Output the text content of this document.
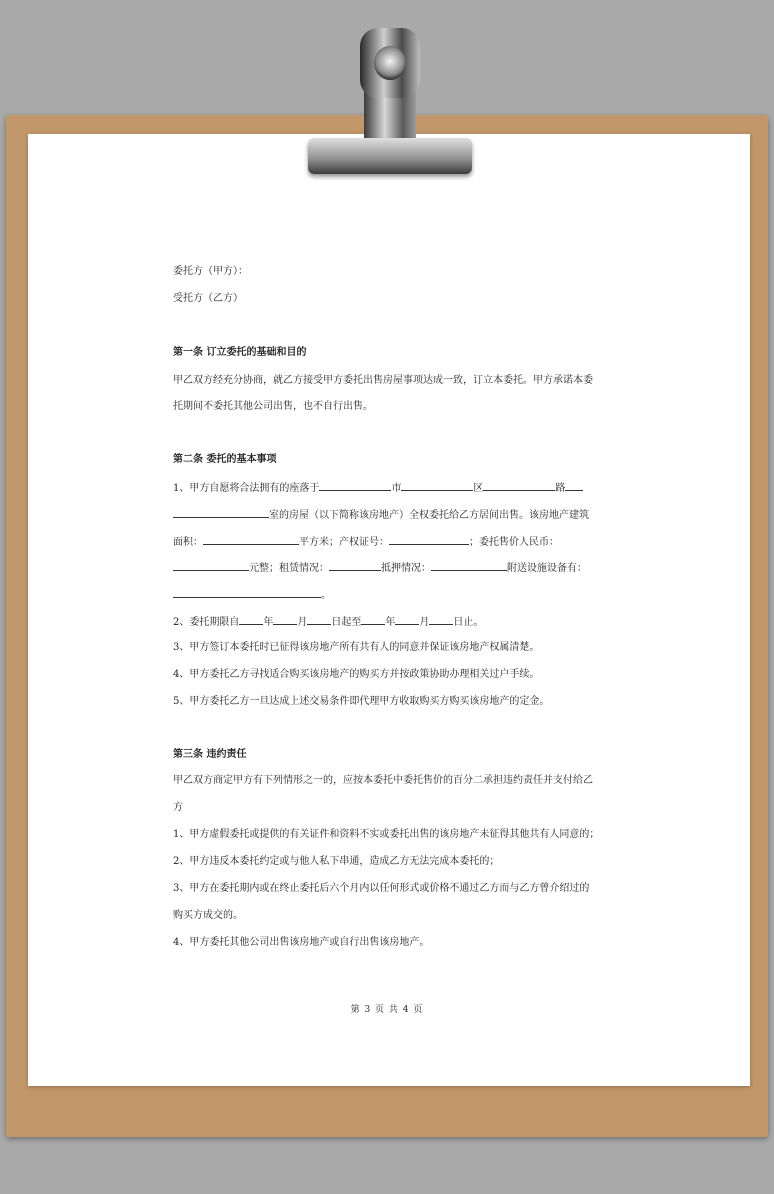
委托方（甲方）：
受托方（乙方）
第一条 订立委托的基础和目的
甲乙双方经充分协商，就乙方接受甲方委托出售房屋事项达成一致，订立本委托。甲方承诺本委
托期间不委托其他公司出售，也不自行出售。
第二条 委托的基本事项
1、甲方自愿将合法拥有的座落于	市	区	路
室的房屋（以下简称该房地产）全权委托给乙方居间出售。该房地产建筑
面积：	平方米；产权证号：	；委托售价人民币：
元整；租赁情况：	抵押情况：	附送设施设备有：
。
2、委托期限自 年 月 日起至 年 月 日止。
3、甲方签订本委托时已征得该房地产所有共有人的同意并保证该房地产权属清楚。
4、甲方委托乙方寻找适合购买该房地产的购买方并按政策协助办理相关过户手续。
5、甲方委托乙方一旦达成上述交易条件即代理甲方收取购买方购买该房地产的定金。
第三条 违约责任
甲乙双方商定甲方有下列情形之一的，应按本委托中委托售价的百分二承担违约责任并支付给乙
方
1、甲方虚假委托或提供的有关证件和资料不实或委托出售的该房地产未征得其他共有人同意的；
2、甲方违反本委托约定或与他人私下串通，造成乙方无法完成本委托的；
3、甲方在委托期内或在终止委托后六个月内以任何形式或价格不通过乙方而与乙方曾介绍过的
购买方成交的。
4、甲方委托其他公司出售该房地产或自行出售该房地产。
第 3 页 共 4 页
